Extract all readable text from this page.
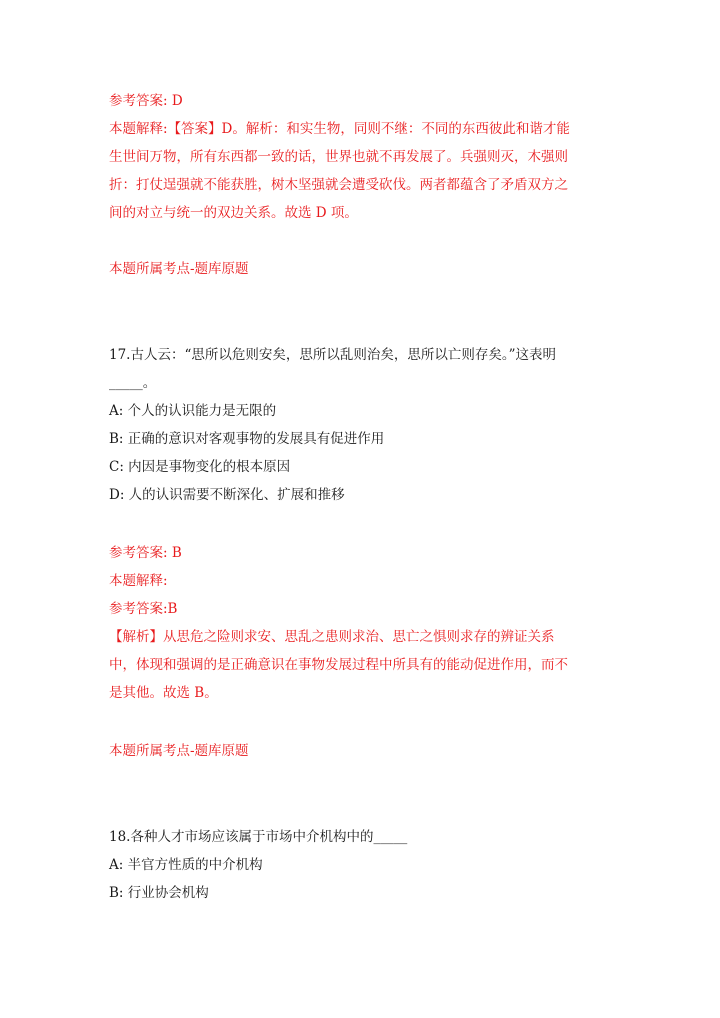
参考答案: D
本题解释:【答案】D。解析：和实生物，同则不继：不同的东西彼此和谐才能
生世间万物，所有东西都一致的话，世界也就不再发展了。兵强则灭，木强则
折：打仗逞强就不能获胜，树木坚强就会遭受砍伐。两者都蕴含了矛盾双方之
间的对立与统一的双边关系。故选 D 项。
本题所属考点-题库原题
17.古人云：“思所以危则安矣，思所以乱则治矣，思所以亡则存矣。”这表明
_____。
A: 个人的认识能力是无限的
B: 正确的意识对客观事物的发展具有促进作用
C: 内因是事物变化的根本原因
D: 人的认识需要不断深化、扩展和推移
参考答案: B
本题解释:
参考答案:B
【解析】从思危之险则求安、思乱之患则求治、思亡之惧则求存的辨证关系
中，体现和强调的是正确意识在事物发展过程中所具有的能动促进作用，而不
是其他。故选 B。
本题所属考点-题库原题
18.各种人才市场应该属于市场中介机构中的_____
A: 半官方性质的中介机构
B: 行业协会机构
